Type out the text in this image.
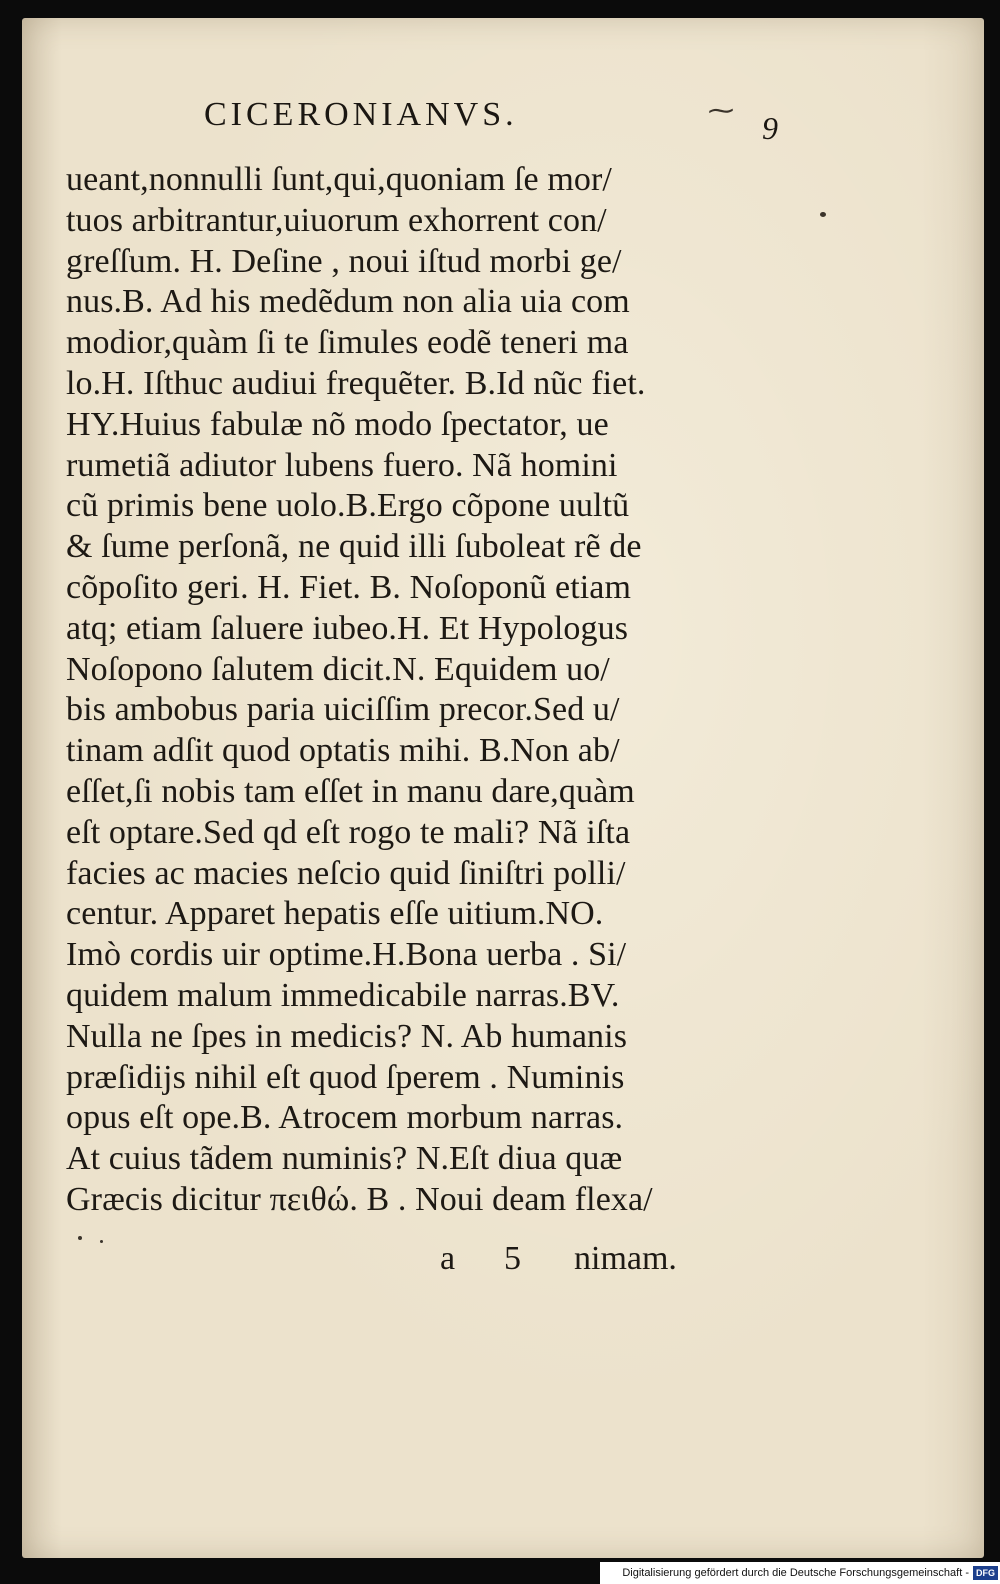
CICERONIANVS.	⁓ 9
ueant,nonnulli ſunt,qui,quoniam ſe mor/
tuos arbitrantur,uiuorum exhorrent con/
greſſum. H. Deſine , noui iſtud morbi ge/
nus.B. Ad his medẽdum non alia uia com
modior,quàm ſi te ſimules eodẽ teneri ma
lo.H. Iſthuc audiui frequẽter. B.Id nũc fiet.
HY.Huius fabulæ nõ modo ſpectator, ue
rumetiã adiutor lubens fuero. Nã homini
cũ primis bene uolo.B.Ergo cõpone uultũ
& ſume perſonã, ne quid illi ſuboleat rẽ de
cõpoſito geri. H. Fiet. B. Noſoponũ etiam
atq; etiam ſaluere iubeo.H. Et Hypologus
Noſopono ſalutem dicit.N. Equidem uo/
bis ambobus paria uiciſſim precor.Sed u/
tinam adſit quod optatis mihi. B.Non ab/
eſſet,ſi nobis tam eſſet in manu dare,quàm
eſt optare.Sed qd eſt rogo te mali? Nã iſta
facies ac macies neſcio quid ſiniſtri polli/
centur. Apparet hepatis eſſe uitium.NO.
Imò cordis uir optime.H.Bona uerba . Si/
quidem malum immedicabile narras.BV.
Nulla ne ſpes in medicis? N. Ab humanis
præſidijs nihil eſt quod ſperem . Numinis
opus eſt ope.B. Atrocem morbum narras.
At cuius tãdem numinis? N.Eſt diua quæ
Græcis dicitur πειθώ. B . Noui deam flexa/
a 5 nimam.
Digitalisierung gefördert durch die Deutsche Forschungsgemeinschaft - DFG
